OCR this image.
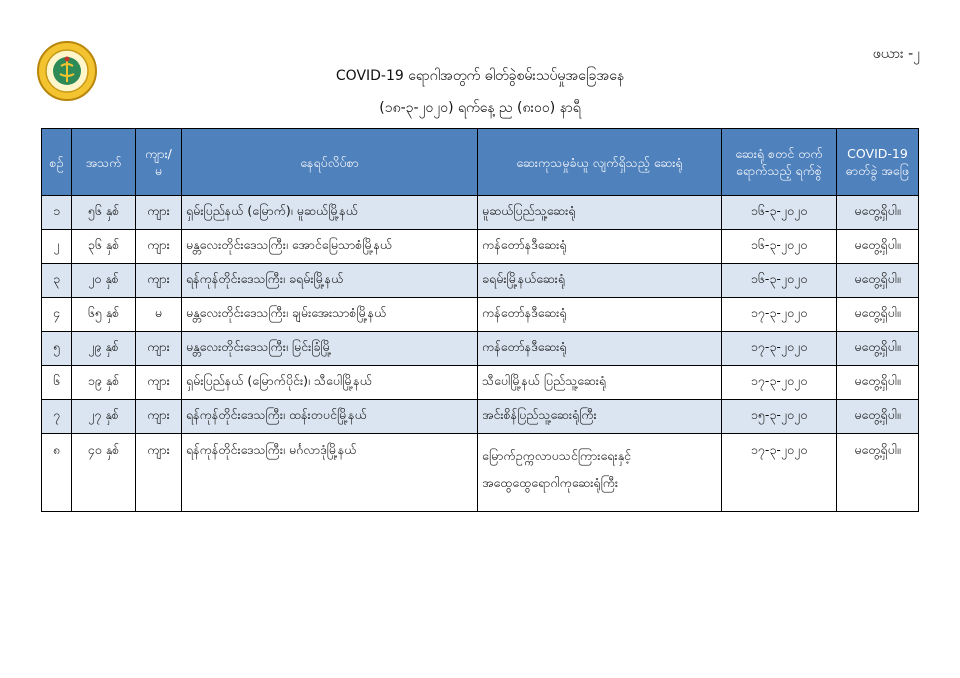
ဖယား -၂
COVID-19 ရောဂါအတွက် ဓါတ်ခွဲစမ်းသပ်မှုအခြေအနေ
(၁၈-၃-၂၀၂၀) ရက်နေ့ ည (၈း၀၀) နာရီ
စဉ်	အသက်	ကျား/ မ	နေရပ်လိပ်စာ	ဆေးကုသမှုခံယူ လျက်ရှိသည့် ဆေးရုံ	ဆေးရုံ စတင် တက်ရောက်သည့် ရက်စွဲ	COVID-19 ဓာတ်ခွဲ အဖြေ
၁	၅၆ နှစ်	ကျား	ရှမ်းပြည်နယ် (မြောက်)၊ မူဆယ်မြို့နယ်	မူဆယ်ပြည်သူ့ဆေးရုံ	၁၆-၃-၂၀၂၀	မတွေ့ရှိပါ။
၂	၃၆ နှစ်	ကျား	မန္တလေးတိုင်းဒေသကြီး၊ အောင်မြေသာစံမြို့နယ်	ကန်တော်နဒီဆေးရုံ	၁၆-၃-၂၀၂၀	မတွေ့ရှိပါ။
၃	၂၀ နှစ်	ကျား	ရန်ကုန်တိုင်းဒေသကြီး၊ ခရမ်းမြို့နယ်	ခရမ်းမြို့နယ်ဆေးရုံ	၁၆-၃-၂၀၂၀	မတွေ့ရှိပါ။
၄	၆၅ နှစ်	မ	မန္တလေးတိုင်းဒေသကြီး၊ ချမ်းအေးသာစံမြို့နယ်	ကန်တော်နဒီဆေးရုံ	၁၇-၃-၂၀၂၀	မတွေ့ရှိပါ။
၅	၂၉ နှစ်	ကျား	မန္တလေးတိုင်းဒေသကြီး၊ မြင်းခြံမြို့	ကန်တော်နဒီဆေးရုံ	၁၇-၃-၂၀၂၀	မတွေ့ရှိပါ။
၆	၁၉ နှစ်	ကျား	ရှမ်းပြည်နယ် (မြောက်ပိုင်း)၊ သီပေါမြို့နယ်	သီပေါမြို့နယ် ပြည်သူ့ဆေးရုံ	၁၇-၃-၂၀၂၀	မတွေ့ရှိပါ။
၇	၂၇ နှစ်	ကျား	ရန်ကုန်တိုင်းဒေသကြီး၊ ထန်းတပင်မြို့နယ်	အင်းစိန်ပြည်သူ့ဆေးရုံကြီး	၁၅-၃-၂၀၂၀	မတွေ့ရှိပါ။
၈	၄၀ နှစ်	ကျား	ရန်ကုန်တိုင်းဒေသကြီး၊ မင်္ဂလာဒုံမြို့နယ်	မြောက်ဥက္ကလာပသင်ကြားရေးနှင့်
အထွေထွေရောဂါကုဆေးရုံကြီး	၁၇-၃-၂၀၂၀	မတွေ့ရှိပါ။
